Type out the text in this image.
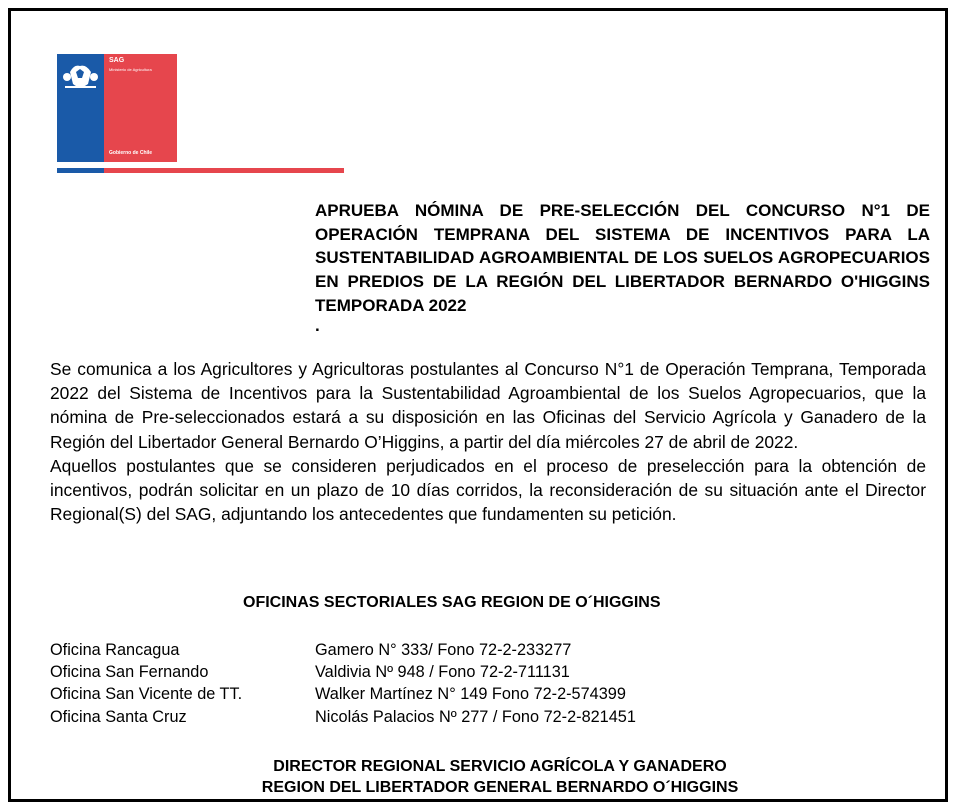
SAG
Ministerio de Agricultura
Gobierno de Chile

APRUEBA NÓMINA DE PRE-SELECCIÓN DEL CONCURSO N°1 DE OPERACIÓN TEMPRANA DEL SISTEMA DE INCENTIVOS PARA LA SUSTENTABILIDAD AGROAMBIENTAL DE LOS SUELOS AGROPECUARIOS EN PREDIOS DE LA REGIÓN DEL LIBERTADOR BERNARDO O'HIGGINS TEMPORADA 2022

.

Se comunica a los Agricultores y Agricultoras postulantes al Concurso N°1 de Operación Temprana, Temporada 2022 del Sistema de Incentivos para la Sustentabilidad Agroambiental de los Suelos Agropecuarios, que la nómina de Pre-seleccionados estará a su disposición en las Oficinas del Servicio Agrícola y Ganadero de la Región del Libertador General Bernardo O’Higgins, a partir del día miércoles 27 de abril de 2022.

Aquellos postulantes que se consideren perjudicados en el proceso de preselección para la obtención de incentivos, podrán solicitar en un plazo de 10 días corridos, la reconsideración de su situación ante el Director Regional(S) del SAG, adjuntando los antecedentes que fundamenten su petición.

OFICINAS SECTORIALES SAG REGION DE O´HIGGINS
Oficina Rancagua	Gamero N° 333/ Fono 72-2-233277
Oficina San Fernando	Valdivia Nº 948 / Fono 72-2-711131
Oficina San Vicente de TT.	Walker Martínez N° 149 Fono 72-2-574399
Oficina Santa Cruz	Nicolás Palacios Nº 277 / Fono 72-2-821451
DIRECTOR REGIONAL SERVICIO AGRÍCOLA Y GANADERO
REGION DEL LIBERTADOR GENERAL BERNARDO O´HIGGINS
